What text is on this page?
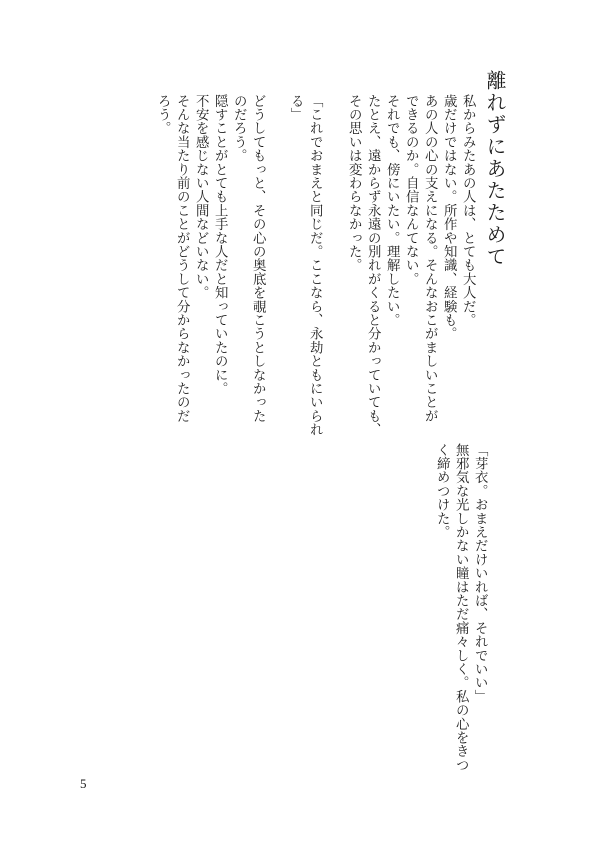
離れずにあたためて
私からみたあの人は、とても大人だ。
歳だけではない。所作や知識、経験も。
あの人の心の支えになる。そんなおこがましいことが
できるのか。自信なんてない。
それでも、傍にいたい。理解したい。
たとえ、遠からず永遠の別れがくると分かっていても、
その思いは変わらなかった。
「これでおまえと同じだ。ここなら、永劫ともにいられ
る」
どうしてもっと、その心の奥底を覗こうとしなかった
のだろう。
隠すことがとても上手な人だと知っていたのに。
不安を感じない人間などいない。
そんな当たり前のことがどうして分からなかったのだ
ろう。
「芽衣。おまえだけいれば、それでいい」
無邪気な光しかない瞳はただ痛々しく。私の心をきつ
く締めつけた。
5
